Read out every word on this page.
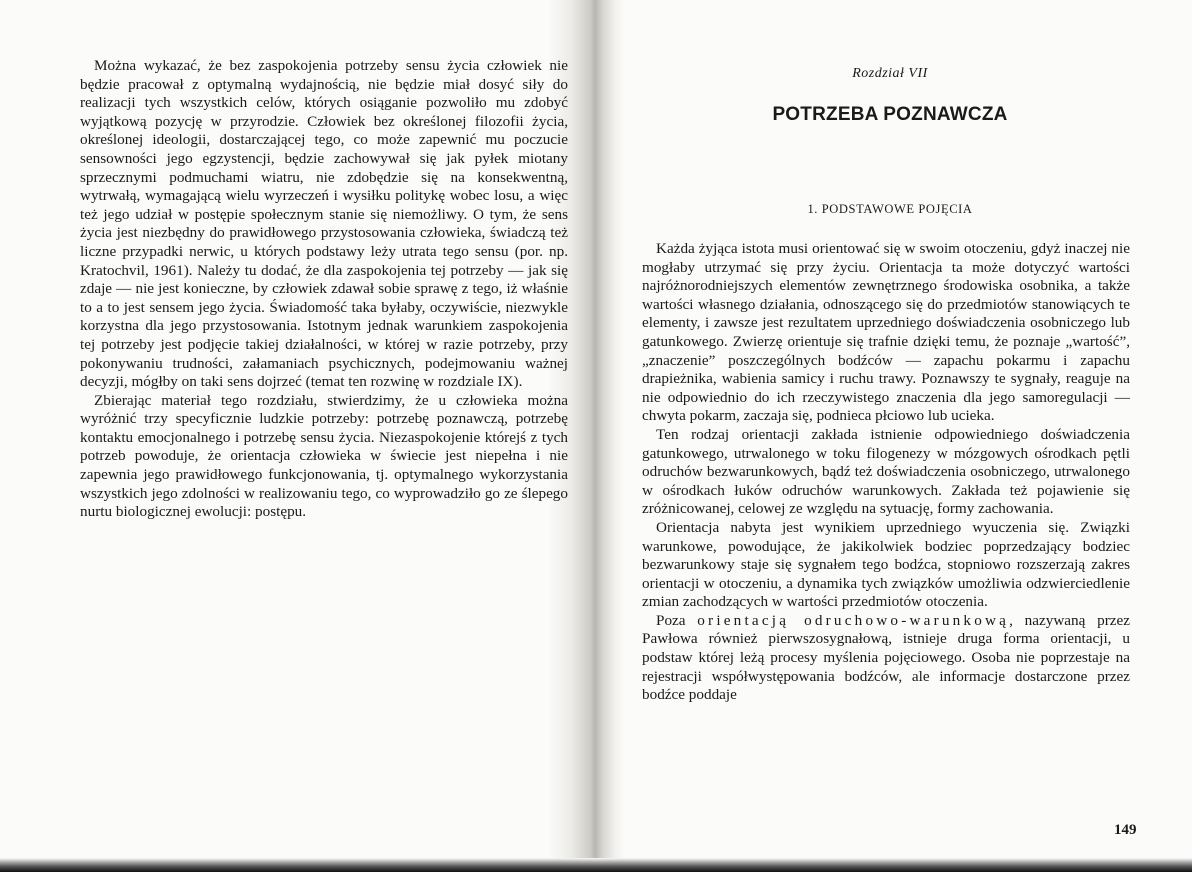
Można wykazać, że bez zaspokojenia potrzeby sensu życia człowiek nie będzie pracował z optymalną wydajnością, nie będzie miał dosyć siły do realizacji tych wszystkich celów, których osiąganie pozwoliło mu zdobyć wyjątkową pozycję w przyrodzie. Człowiek bez określonej filozofii życia, określonej ideologii, dostarczającej tego, co może zapewnić mu poczucie sensowności jego egzystencji, będzie zachowywał się jak pyłek miotany sprzecznymi podmuchami wiatru, nie zdobędzie się na konsekwentną, wytrwałą, wymagającą wielu wyrzeczeń i wysiłku politykę wobec losu, a więc też jego udział w postępie społecznym stanie się niemożliwy. O tym, że sens życia jest niezbędny do prawidłowego przystosowania człowieka, świadczą też liczne przypadki nerwic, u których podstawy leży utrata tego sensu (por. np. Kratochvil, 1961). Należy tu dodać, że dla zaspokojenia tej potrzeby — jak się zdaje — nie jest konieczne, by człowiek zdawał sobie sprawę z tego, iż właśnie to a to jest sensem jego życia. Świadomość taka byłaby, oczywiście, niezwykle korzystna dla jego przystosowania. Istotnym jednak warunkiem zaspokojenia tej potrzeby jest podjęcie takiej działalności, w której w razie potrzeby, przy pokonywaniu trudności, załamaniach psychicznych, podejmowaniu ważnej decyzji, mógłby on taki sens dojrzeć (temat ten rozwinę w rozdziale IX).

Zbierając materiał tego rozdziału, stwierdzimy, że u człowieka można wyróżnić trzy specyficznie ludzkie potrzeby: potrzebę poznawczą, potrzebę kontaktu emocjonalnego i potrzebę sensu życia. Niezaspokojenie którejś z tych potrzeb powoduje, że orientacja człowieka w świecie jest niepełna i nie zapewnia jego prawidłowego funkcjonowania, tj. optymalnego wykorzystania wszystkich jego zdolności w realizowaniu tego, co wyprowadziło go ze ślepego nurtu biologicznej ewolucji: postępu.

Rozdział VII
POTRZEBA POZNAWCZA
1. PODSTAWOWE POJĘCIA

Każda żyjąca istota musi orientować się w swoim otoczeniu, gdyż inaczej nie mogłaby utrzymać się przy życiu. Orientacja ta może dotyczyć wartości najróżnorodniejszych elementów zewnętrznego środowiska osobnika, a także wartości własnego działania, odnoszącego się do przedmiotów stanowiących te elementy, i zawsze jest rezultatem uprzedniego doświadczenia osobniczego lub gatunkowego. Zwierzę orientuje się trafnie dzięki temu, że poznaje „wartość”, „znaczenie” poszczególnych bodźców — zapachu pokarmu i zapachu drapieżnika, wabienia samicy i ruchu trawy. Poznawszy te sygnały, reaguje na nie odpowiednio do ich rzeczywistego znaczenia dla jego samoregulacji — chwyta pokarm, zaczaja się, podnieca płciowo lub ucieka.

Ten rodzaj orientacji zakłada istnienie odpowiedniego doświadczenia gatunkowego, utrwalonego w toku filogenezy w mózgowych ośrodkach pętli odruchów bezwarunkowych, bądź też doświadczenia osobniczego, utrwalonego w ośrodkach łuków odruchów warunkowych. Zakłada też pojawienie się zróżnicowanej, celowej ze względu na sytuację, formy zachowania.

Orientacja nabyta jest wynikiem uprzedniego wyuczenia się. Związki warunkowe, powodujące, że jakikolwiek bodziec poprzedzający bodziec bezwarunkowy staje się sygnałem tego bodźca, stopniowo rozszerzają zakres orientacji w otoczeniu, a dynamika tych związków umożliwia odzwierciedlenie zmian zachodzących w wartości przedmiotów otoczenia.

Poza orientacją odruchowo-warunkową, nazywaną przez Pawłowa również pierwszosygnałową, istnieje druga forma orientacji, u podstaw której leżą procesy myślenia pojęciowego. Osoba nie poprzestaje na rejestracji współwystępowania bodźców, ale informacje dostarczone przez bodźce poddaje

149
